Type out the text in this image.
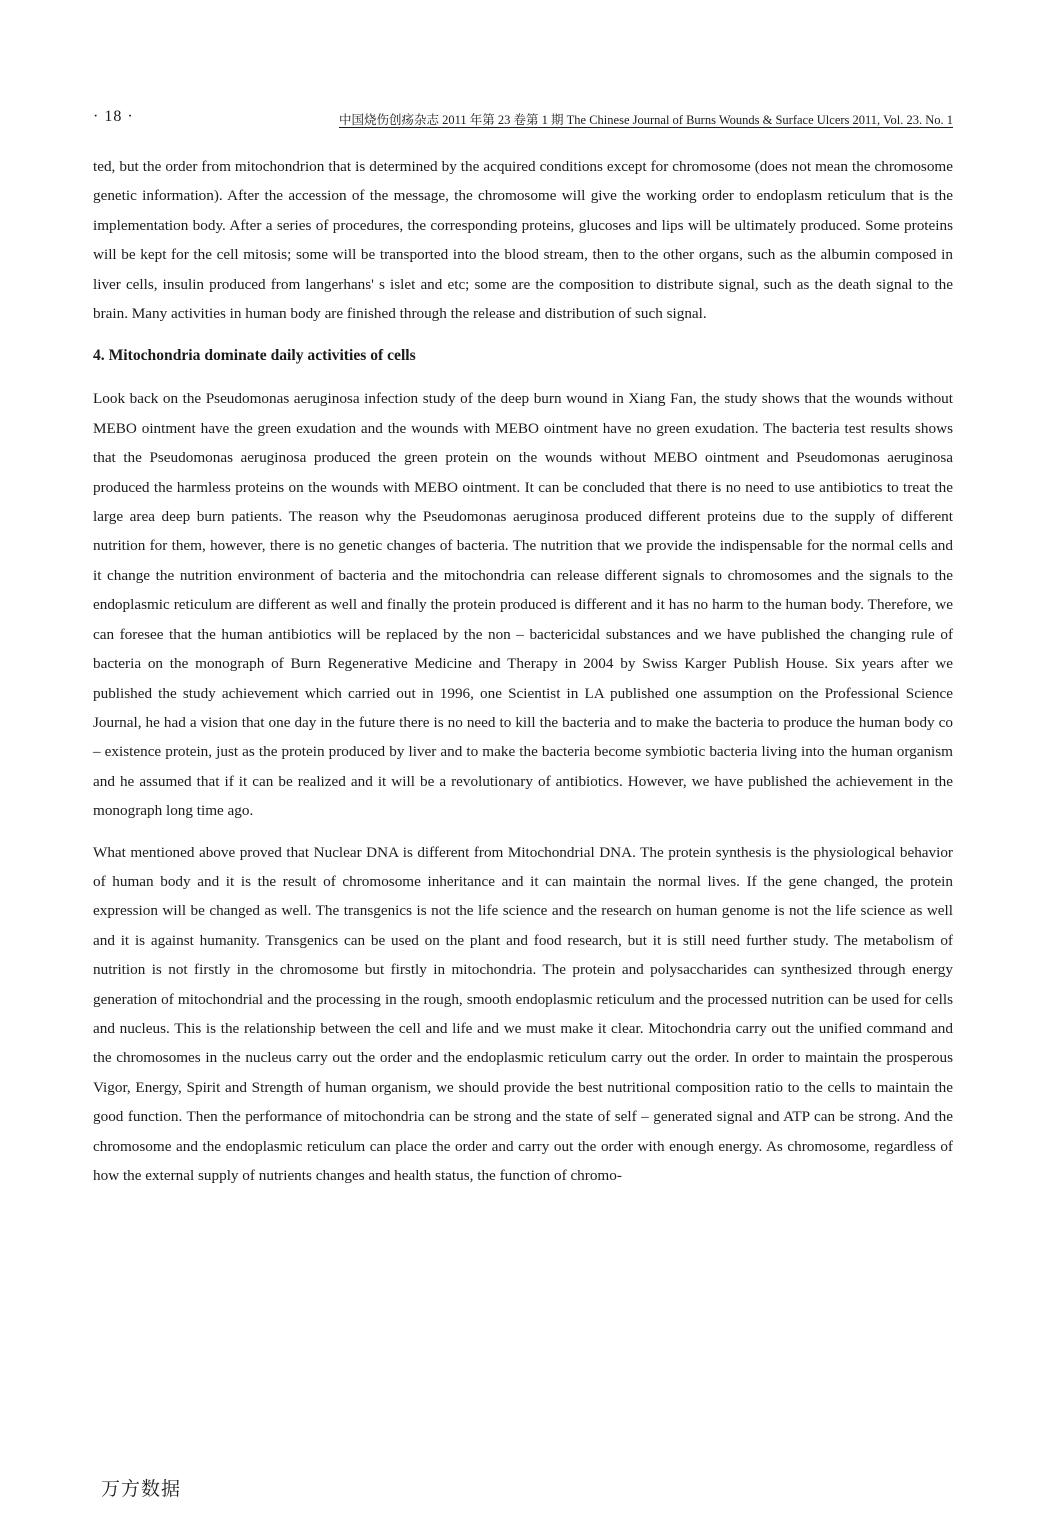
· 18 ·	中国烧伤创疡杂志 2011 年第 23 卷第 1 期 The Chinese Journal of Burns Wounds & Surface Ulcers 2011, Vol. 23. No. 1

ted, but the order from mitochondrion that is determined by the acquired conditions except for chromosome (does not mean the chromosome genetic information). After the accession of the message, the chromosome will give the working order to endoplasm reticulum that is the implementation body. After a series of procedures, the corresponding proteins, glucoses and lips will be ultimately produced. Some proteins will be kept for the cell mitosis; some will be transported into the blood stream, then to the other organs, such as the albumin composed in liver cells, insulin produced from langerhans' s islet and etc; some are the composition to distribute signal, such as the death signal to the brain. Many activities in human body are finished through the release and distribution of such signal.

4. Mitochondria dominate daily activities of cells

Look back on the Pseudomonas aeruginosa infection study of the deep burn wound in Xiang Fan, the study shows that the wounds without MEBO ointment have the green exudation and the wounds with MEBO ointment have no green exudation. The bacteria test results shows that the Pseudomonas aeruginosa produced the green protein on the wounds without MEBO ointment and Pseudomonas aeruginosa produced the harmless proteins on the wounds with MEBO ointment. It can be concluded that there is no need to use antibiotics to treat the large area deep burn patients. The reason why the Pseudomonas aeruginosa produced different proteins due to the supply of different nutrition for them, however, there is no genetic changes of bacteria. The nutrition that we provide the indispensable for the normal cells and it change the nutrition environment of bacteria and the mitochondria can release different signals to chromosomes and the signals to the endoplasmic reticulum are different as well and finally the protein produced is different and it has no harm to the human body. Therefore, we can foresee that the human antibiotics will be replaced by the non – bactericidal substances and we have published the changing rule of bacteria on the monograph of Burn Regenerative Medicine and Therapy in 2004 by Swiss Karger Publish House. Six years after we published the study achievement which carried out in 1996, one Scientist in LA published one assumption on the Professional Science Journal, he had a vision that one day in the future there is no need to kill the bacteria and to make the bacteria to produce the human body co – existence protein, just as the protein produced by liver and to make the bacteria become symbiotic bacteria living into the human organism and he assumed that if it can be realized and it will be a revolutionary of antibiotics. However, we have published the achievement in the monograph long time ago.

What mentioned above proved that Nuclear DNA is different from Mitochondrial DNA. The protein synthesis is the physiological behavior of human body and it is the result of chromosome inheritance and it can maintain the normal lives. If the gene changed, the protein expression will be changed as well. The transgenics is not the life science and the research on human genome is not the life science as well and it is against humanity. Transgenics can be used on the plant and food research, but it is still need further study. The metabolism of nutrition is not firstly in the chromosome but firstly in mitochondria. The protein and polysaccharides can synthesized through energy generation of mitochondrial and the processing in the rough, smooth endoplasmic reticulum and the processed nutrition can be used for cells and nucleus. This is the relationship between the cell and life and we must make it clear. Mitochondria carry out the unified command and the chromosomes in the nucleus carry out the order and the endoplasmic reticulum carry out the order. In order to maintain the prosperous Vigor, Energy, Spirit and Strength of human organism, we should provide the best nutritional composition ratio to the cells to maintain the good function. Then the performance of mitochondria can be strong and the state of self – generated signal and ATP can be strong. And the chromosome and the endoplasmic reticulum can place the order and carry out the order with enough energy. As chromosome, regardless of how the external supply of nutrients changes and health status, the function of chromo-

万方数据
